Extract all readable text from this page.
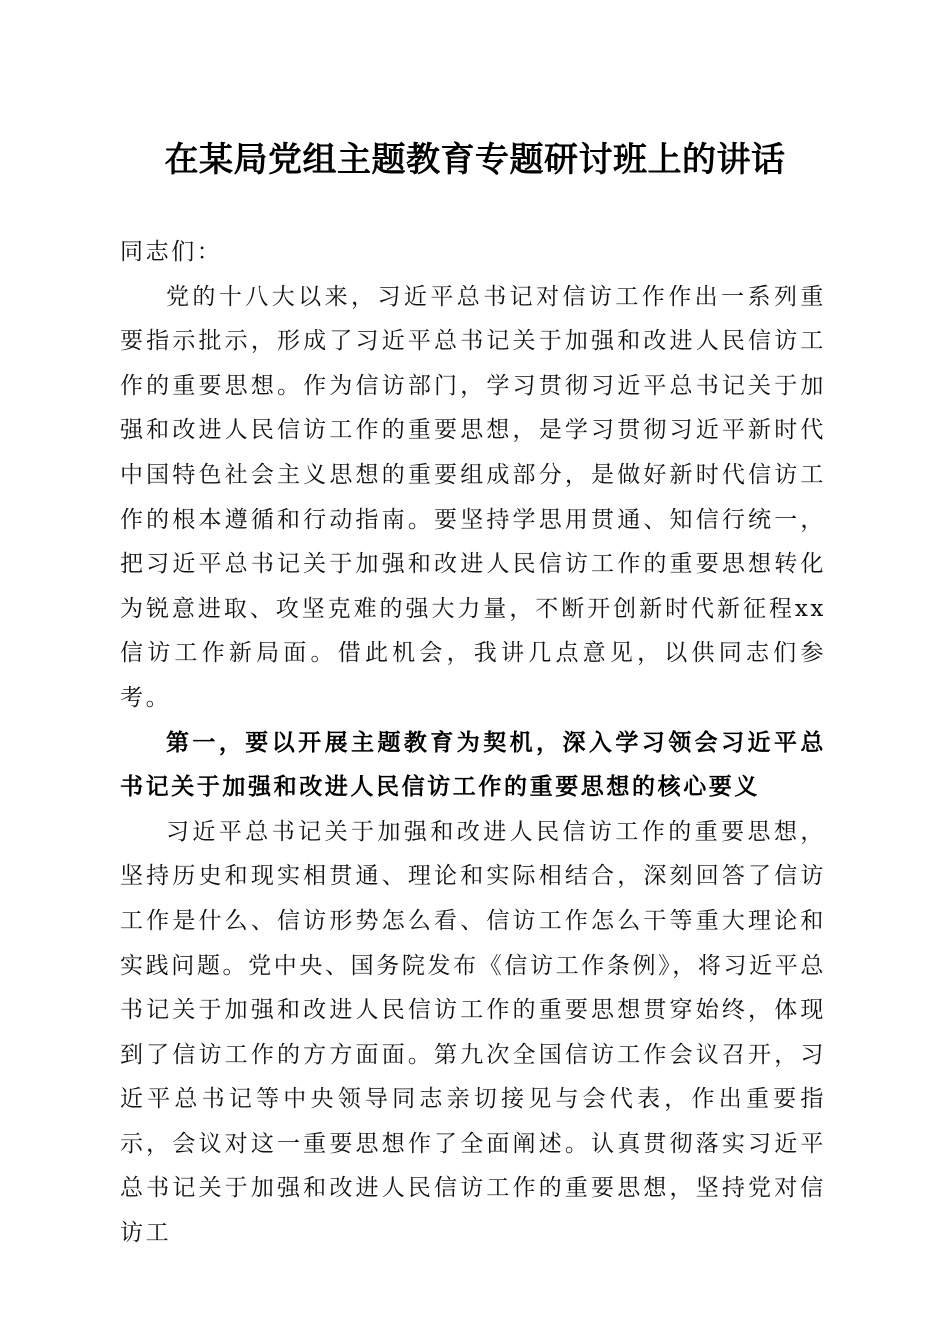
在某局党组主题教育专题研讨班上的讲话

同志们：

党的十八大以来，习近平总书记对信访工作作出一系列重要指示批示，形成了习近平总书记关于加强和改进人民信访工作的重要思想。作为信访部门，学习贯彻习近平总书记关于加强和改进人民信访工作的重要思想，是学习贯彻习近平新时代中国特色社会主义思想的重要组成部分，是做好新时代信访工作的根本遵循和行动指南。要坚持学思用贯通、知信行统一，把习近平总书记关于加强和改进人民信访工作的重要思想转化为锐意进取、攻坚克难的强大力量，不断开创新时代新征程xx信访工作新局面。借此机会，我讲几点意见，以供同志们参考。

第一，要以开展主题教育为契机，深入学习领会习近平总书记关于加强和改进人民信访工作的重要思想的核心要义

习近平总书记关于加强和改进人民信访工作的重要思想，坚持历史和现实相贯通、理论和实际相结合，深刻回答了信访工作是什么、信访形势怎么看、信访工作怎么干等重大理论和实践问题。党中央、国务院发布《信访工作条例》，将习近平总书记关于加强和改进人民信访工作的重要思想贯穿始终，体现到了信访工作的方方面面。第九次全国信访工作会议召开，习近平总书记等中央领导同志亲切接见与会代表，作出重要指示，会议对这一重要思想作了全面阐述。认真贯彻落实习近平总书记关于加强和改进人民信访工作的重要思想，坚持党对信访工
